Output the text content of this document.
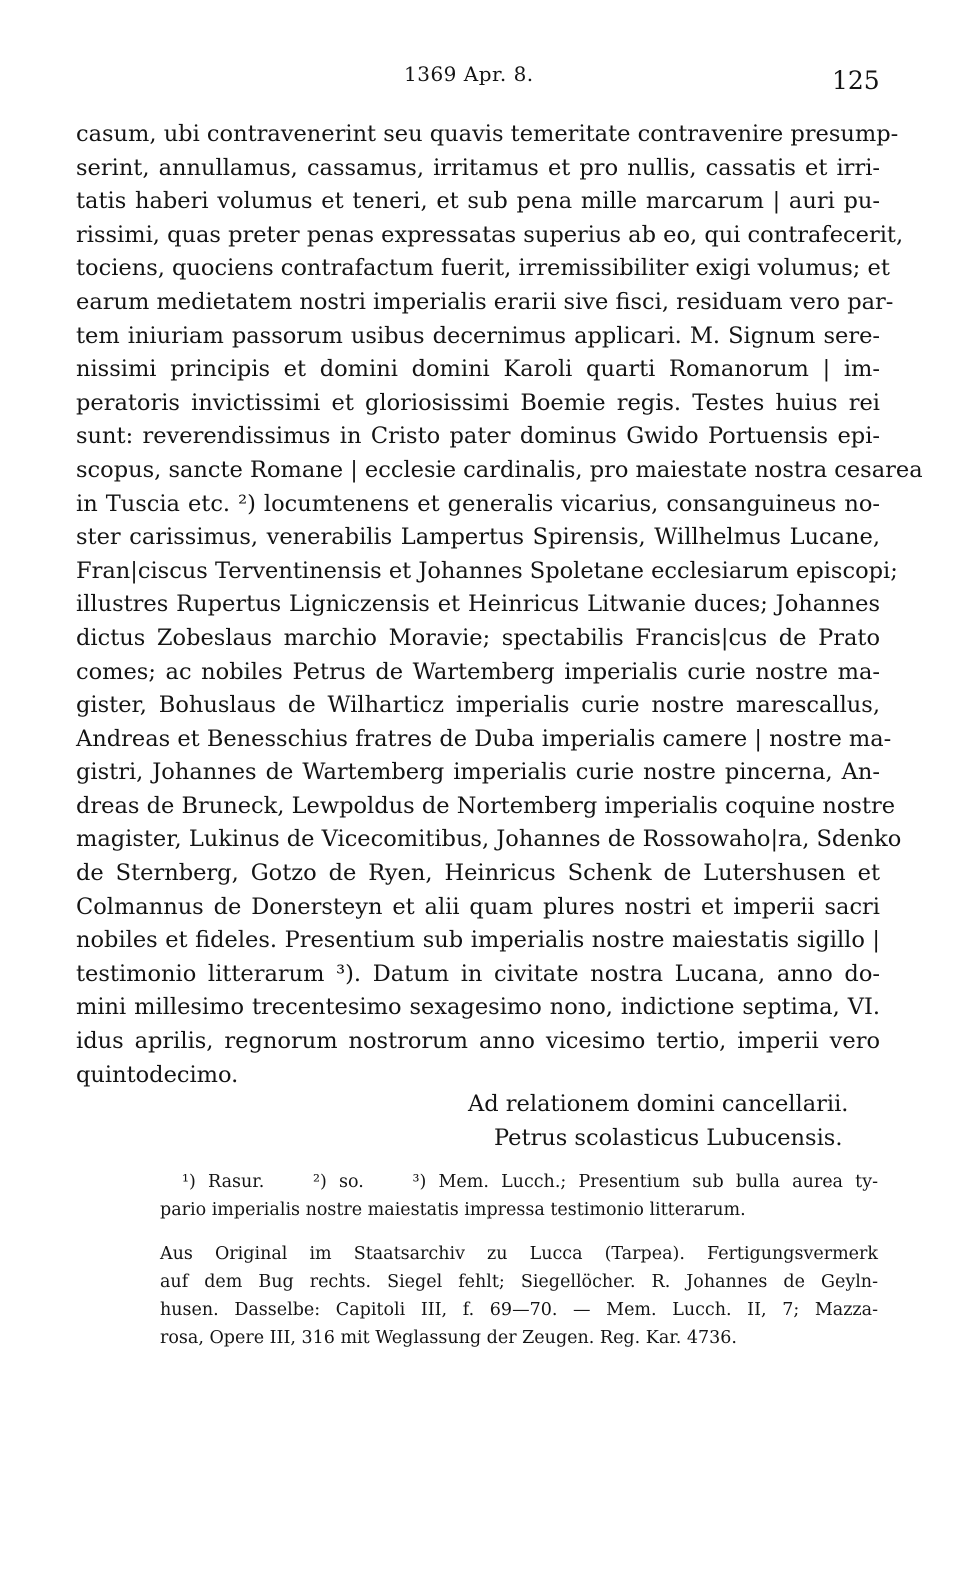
1369 Apr. 8.	125
casum, ubi contravenerint seu quavis temeritate contravenire presump-
serint, annullamus, cassamus, irritamus et pro nullis, cassatis et irri-
tatis haberi volumus et teneri, et sub pena mille marcarum | auri pu-
rissimi, quas preter penas expressatas superius ab eo, qui contrafecerit,
tociens, quociens contrafactum fuerit, irremissibiliter exigi volumus; et
earum medietatem nostri imperialis erarii sive fisci, residuam vero par-
tem iniuriam passorum usibus decernimus applicari. M. Signum sere-
nissimi principis et domini domini Karoli quarti Romanorum | im-
peratoris invictissimi et gloriosissimi Boemie regis. Testes huius rei
sunt: reverendissimus in Cristo pater dominus Gwido Portuensis epi-
scopus, sancte Romane | ecclesie cardinalis, pro maiestate nostra cesarea
in Tuscia etc. ²) locumtenens et generalis vicarius, consanguineus no-
ster carissimus, venerabilis Lampertus Spirensis, Willhelmus Lucane,
Fran|ciscus Terventinensis et Johannes Spoletane ecclesiarum episcopi;
illustres Rupertus Ligniczensis et Heinricus Litwanie duces; Johannes
dictus Zobeslaus marchio Moravie; spectabilis Francis|cus de Prato
comes; ac nobiles Petrus de Wartemberg imperialis curie nostre ma-
gister, Bohuslaus de Wilharticz imperialis curie nostre marescallus,
Andreas et Benesschius fratres de Duba imperialis camere | nostre ma-
gistri, Johannes de Wartemberg imperialis curie nostre pincerna, An-
dreas de Bruneck, Lewpoldus de Nortemberg imperialis coquine nostre
magister, Lukinus de Vicecomitibus, Johannes de Rossowaho|ra, Sdenko
de Sternberg, Gotzo de Ryen, Heinricus Schenk de Lutershusen et
Colmannus de Donersteyn et alii quam plures nostri et imperii sacri
nobiles et fideles. Presentium sub imperialis nostre maiestatis sigillo |
testimonio litterarum ³). Datum in civitate nostra Lucana, anno do-
mini millesimo trecentesimo sexagesimo nono, indictione septima, VI.
idus aprilis, regnorum nostrorum anno vicesimo tertio, imperii vero
quintodecimo.
Ad relationem domini cancellarii.
Petrus scolasticus Lubucensis.
¹) Rasur.    ²) so.    ³) Mem. Lucch.; Presentium sub bulla aurea ty-
pario imperialis nostre maiestatis impressa testimonio litterarum.
Aus Original im Staatsarchiv zu Lucca (Tarpea). Fertigungsvermerk
auf dem Bug rechts. Siegel fehlt; Siegellöcher. R. Johannes de Geyln-
husen. Dasselbe: Capitoli III, f. 69—70. — Mem. Lucch. II, 7; Mazza-
rosa, Opere III, 316 mit Weglassung der Zeugen. Reg. Kar. 4736.
